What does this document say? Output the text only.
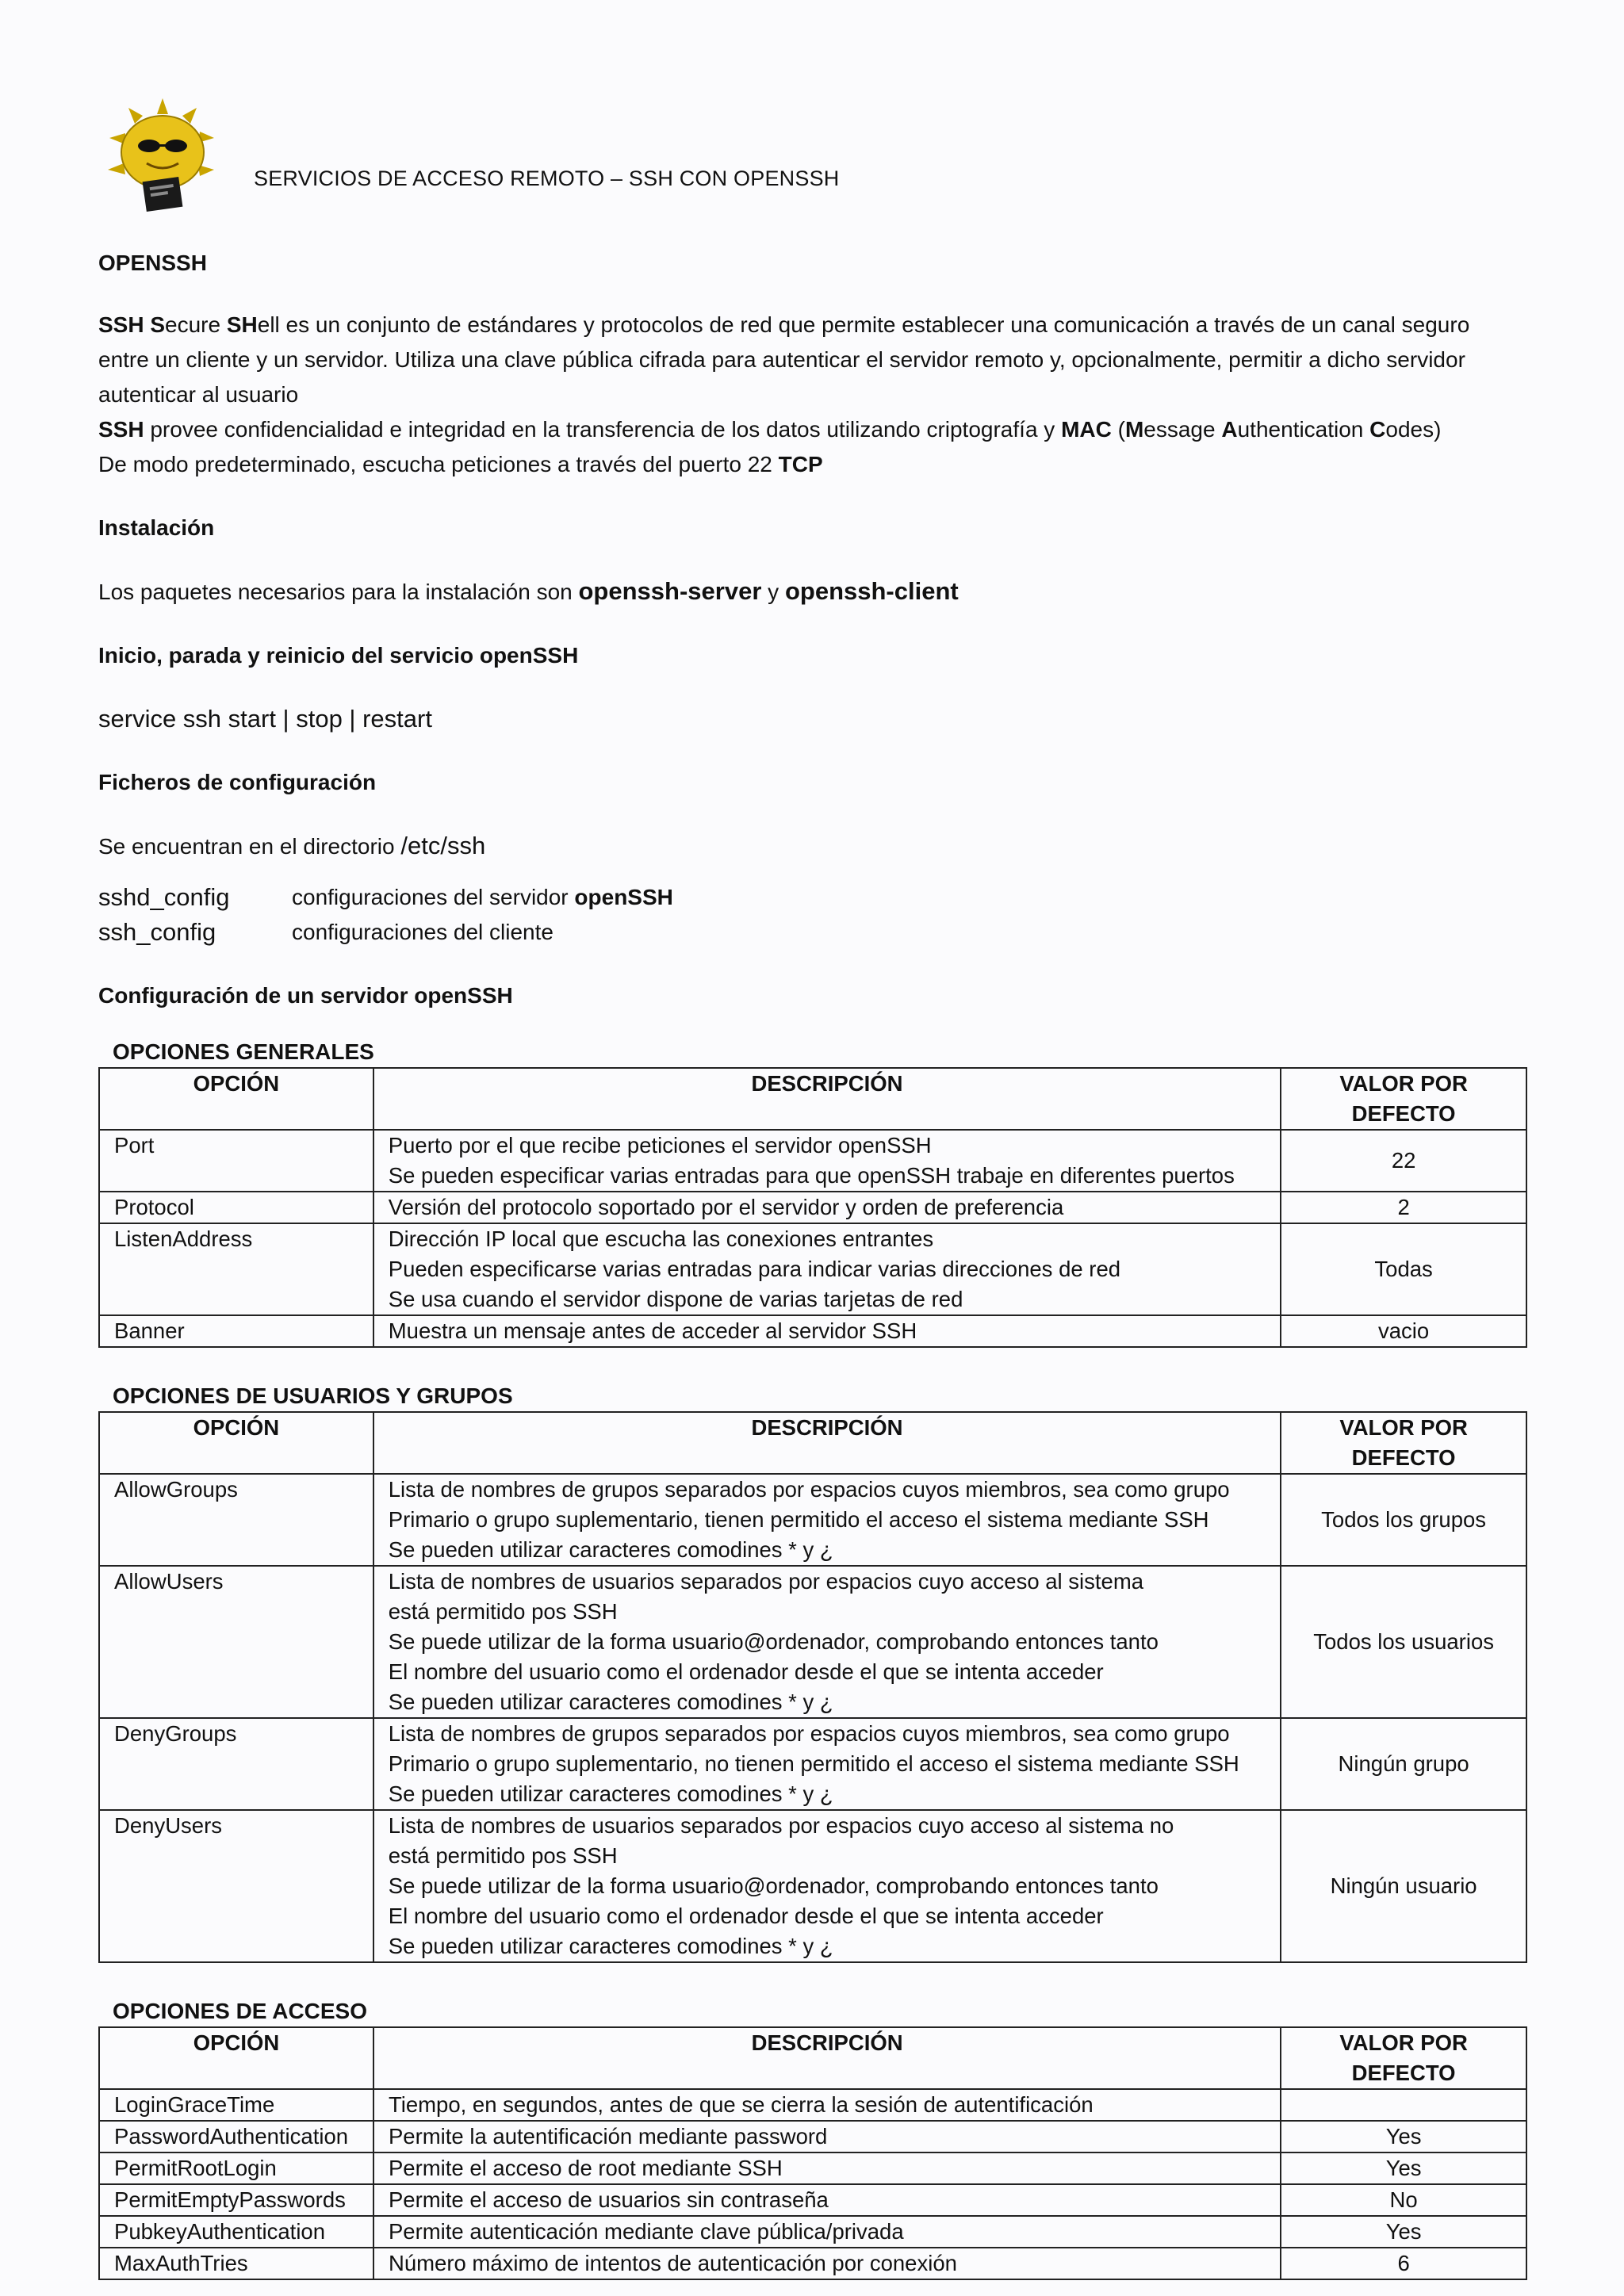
SERVICIOS DE ACCESO REMOTO – SSH CON OPENSSH

OPENSSH

SSH Secure SHell es un conjunto de estándares y protocolos de red que permite establecer una comunicación a través de un canal seguro entre un cliente y un servidor. Utiliza una clave pública cifrada para autenticar el servidor remoto y, opcionalmente, permitir a dicho servidor autenticar al usuario

SSH provee confidencialidad e integridad en la transferencia de los datos utilizando criptografía y MAC (Message Authentication Codes)

De modo predeterminado, escucha peticiones a través del puerto 22 TCP

Instalación

Los paquetes necesarios para la instalación son openssh-server y openssh-client

Inicio, parada y reinicio del servicio openSSH

service ssh start | stop | restart

Ficheros de configuración

Se encuentran en el directorio /etc/ssh

sshd_config	configuraciones del servidor openSSH
ssh_config	configuraciones del cliente

Configuración de un servidor openSSH

OPCIONES GENERALES
OPCIÓN	DESCRIPCIÓN	VALOR POR DEFECTO
Port	Puerto por el que recibe peticiones el servidor openSSH
Se pueden especificar varias entradas para que openSSH trabaje en diferentes puertos	22
Protocol	Versión del protocolo soportado por el servidor y orden de preferencia	2
ListenAddress	Dirección IP local que escucha las conexiones entrantes
Pueden especificarse varias entradas para indicar varias direcciones de red
Se usa cuando el servidor dispone de varias tarjetas de red	Todas
Banner	Muestra un mensaje antes de acceder al servidor SSH	vacio
OPCIONES DE USUARIOS Y GRUPOS
OPCIÓN	DESCRIPCIÓN	VALOR POR DEFECTO
AllowGroups	Lista de nombres de grupos separados por espacios cuyos miembros, sea como grupo
Primario o grupo suplementario, tienen permitido el acceso el sistema mediante SSH
Se pueden utilizar caracteres comodines * y ¿	Todos los grupos
AllowUsers	Lista de nombres de usuarios separados por espacios cuyo acceso al sistema
está permitido pos SSH
Se puede utilizar de la forma usuario@ordenador, comprobando entonces tanto
El nombre del usuario como el ordenador desde el que se intenta acceder
Se pueden utilizar caracteres comodines * y ¿	Todos los usuarios
DenyGroups	Lista de nombres de grupos separados por espacios cuyos miembros, sea como grupo
Primario o grupo suplementario, no tienen permitido el acceso el sistema mediante SSH
Se pueden utilizar caracteres comodines * y ¿	Ningún grupo
DenyUsers	Lista de nombres de usuarios separados por espacios cuyo acceso al sistema no
está permitido pos SSH
Se puede utilizar de la forma usuario@ordenador, comprobando entonces tanto
El nombre del usuario como el ordenador desde el que se intenta acceder
Se pueden utilizar caracteres comodines * y ¿	Ningún usuario
OPCIONES DE ACCESO
OPCIÓN	DESCRIPCIÓN	VALOR POR DEFECTO
LoginGraceTime	Tiempo, en segundos, antes de que se cierra la sesión de autentificación	

PasswordAuthentication	Permite la autentificación mediante password	Yes
PermitRootLogin	Permite el acceso de root mediante SSH	Yes
PermitEmptyPasswords	Permite el acceso de usuarios sin contraseña	No
PubkeyAuthentication	Permite autenticación mediante clave pública/privada	Yes
MaxAuthTries	Número máximo de intentos de autenticación por conexión	6
